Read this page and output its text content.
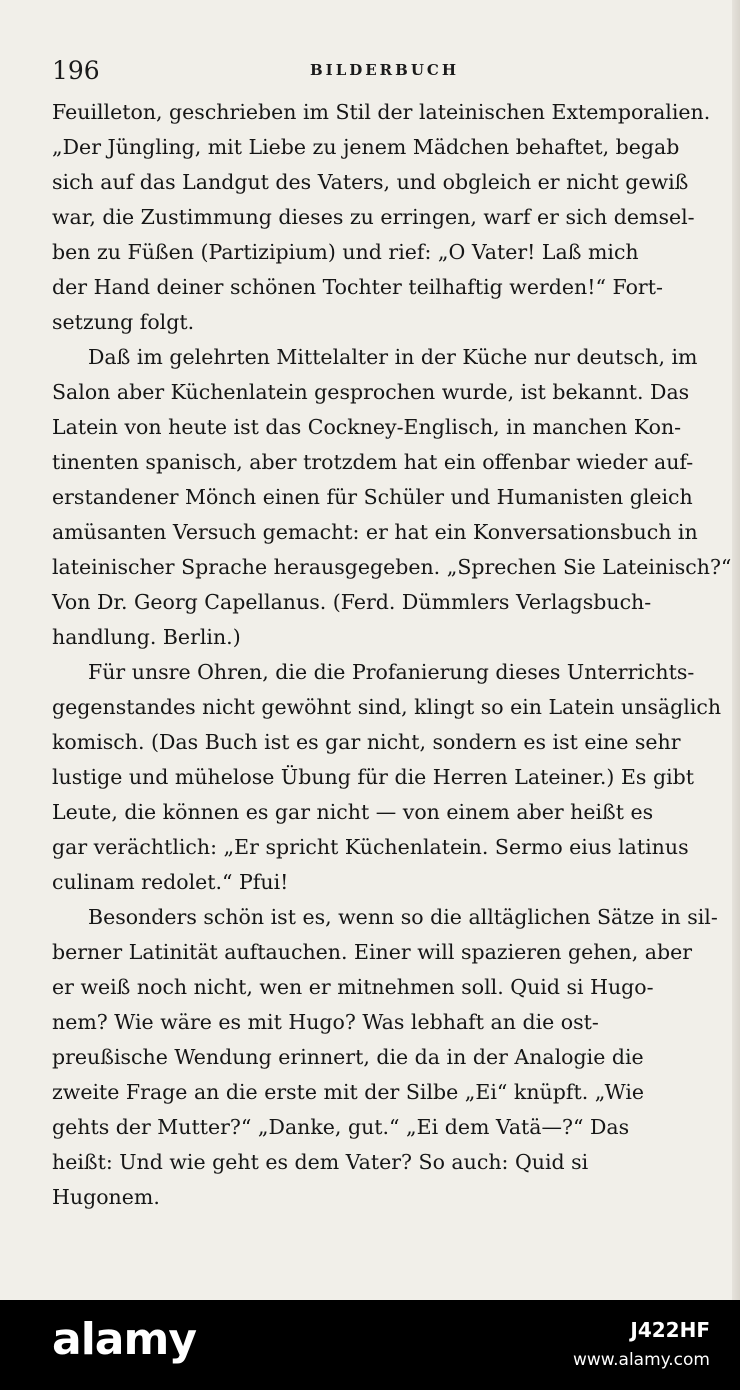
196	BILDERBUCH
Feuilleton, geschrieben im Stil der lateinischen Extemporalien.
„Der Jüngling, mit Liebe zu jenem Mädchen behaftet, begab
sich auf das Landgut des Vaters, und obgleich er nicht gewiß
war, die Zustimmung dieses zu erringen, warf er sich demsel-
ben zu Füßen (Partizipium) und rief: „O Vater! Laß mich
der Hand deiner schönen Tochter teilhaftig werden!“ Fort-
setzung folgt.
Daß im gelehrten Mittelalter in der Küche nur deutsch, im
Salon aber Küchenlatein gesprochen wurde, ist bekannt. Das
Latein von heute ist das Cockney-Englisch, in manchen Kon-
tinenten spanisch, aber trotzdem hat ein offenbar wieder auf-
erstandener Mönch einen für Schüler und Humanisten gleich
amüsanten Versuch gemacht: er hat ein Konversationsbuch in
lateinischer Sprache herausgegeben. „Sprechen Sie Lateinisch?“
Von Dr. Georg Capellanus. (Ferd. Dümmlers Verlagsbuch-
handlung. Berlin.)
Für unsre Ohren, die die Profanierung dieses Unterrichts-
gegenstandes nicht gewöhnt sind, klingt so ein Latein unsäglich
komisch. (Das Buch ist es gar nicht, sondern es ist eine sehr
lustige und mühelose Übung für die Herren Lateiner.) Es gibt
Leute, die können es gar nicht — von einem aber heißt es
gar verächtlich: „Er spricht Küchenlatein. Sermo eius latinus
culinam redolet.“ Pfui!
Besonders schön ist es, wenn so die alltäglichen Sätze in sil-
berner Latinität auftauchen. Einer will spazieren gehen, aber
er weiß noch nicht, wen er mitnehmen soll. Quid si Hugo-
nem? Wie wäre es mit Hugo? Was lebhaft an die ost-
preußische Wendung erinnert, die da in der Analogie die
zweite Frage an die erste mit der Silbe „Ei“ knüpft. „Wie
gehts der Mutter?“ „Danke, gut.“ „Ei dem Vatä—?“ Das
heißt: Und wie geht es dem Vater? So auch: Quid si
Hugonem.
alamy	J422HF
www.alamy.com
